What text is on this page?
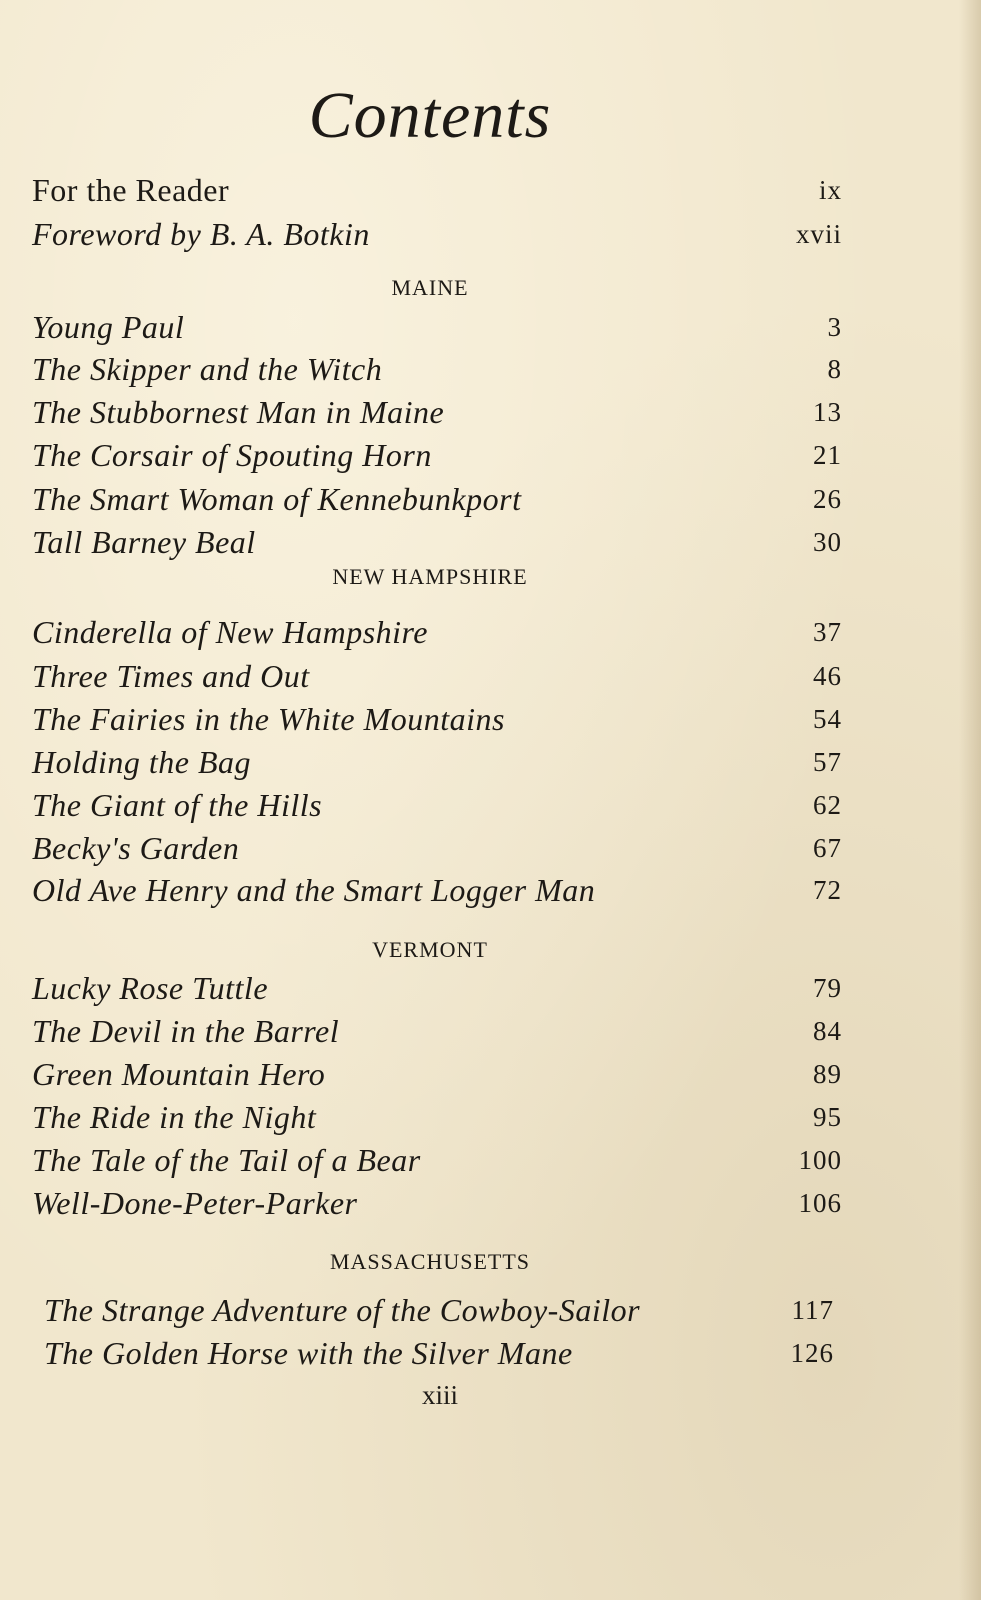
Contents
For the Reader	ix
Foreword by B. A. Botkin	xvii
MAINE
Young Paul	3
The Skipper and the Witch	8
The Stubbornest Man in Maine	13
The Corsair of Spouting Horn	21
The Smart Woman of Kennebunkport	26
Tall Barney Beal	30
NEW HAMPSHIRE
Cinderella of New Hampshire	37
Three Times and Out	46
The Fairies in the White Mountains	54
Holding the Bag	57
The Giant of the Hills	62
Becky's Garden	67
Old Ave Henry and the Smart Logger Man	72
VERMONT
Lucky Rose Tuttle	79
The Devil in the Barrel	84
Green Mountain Hero	89
The Ride in the Night	95
The Tale of the Tail of a Bear	100
Well-Done-Peter-Parker	106
MASSACHUSETTS
The Strange Adventure of the Cowboy-Sailor	117
The Golden Horse with the Silver Mane	126
xiii
